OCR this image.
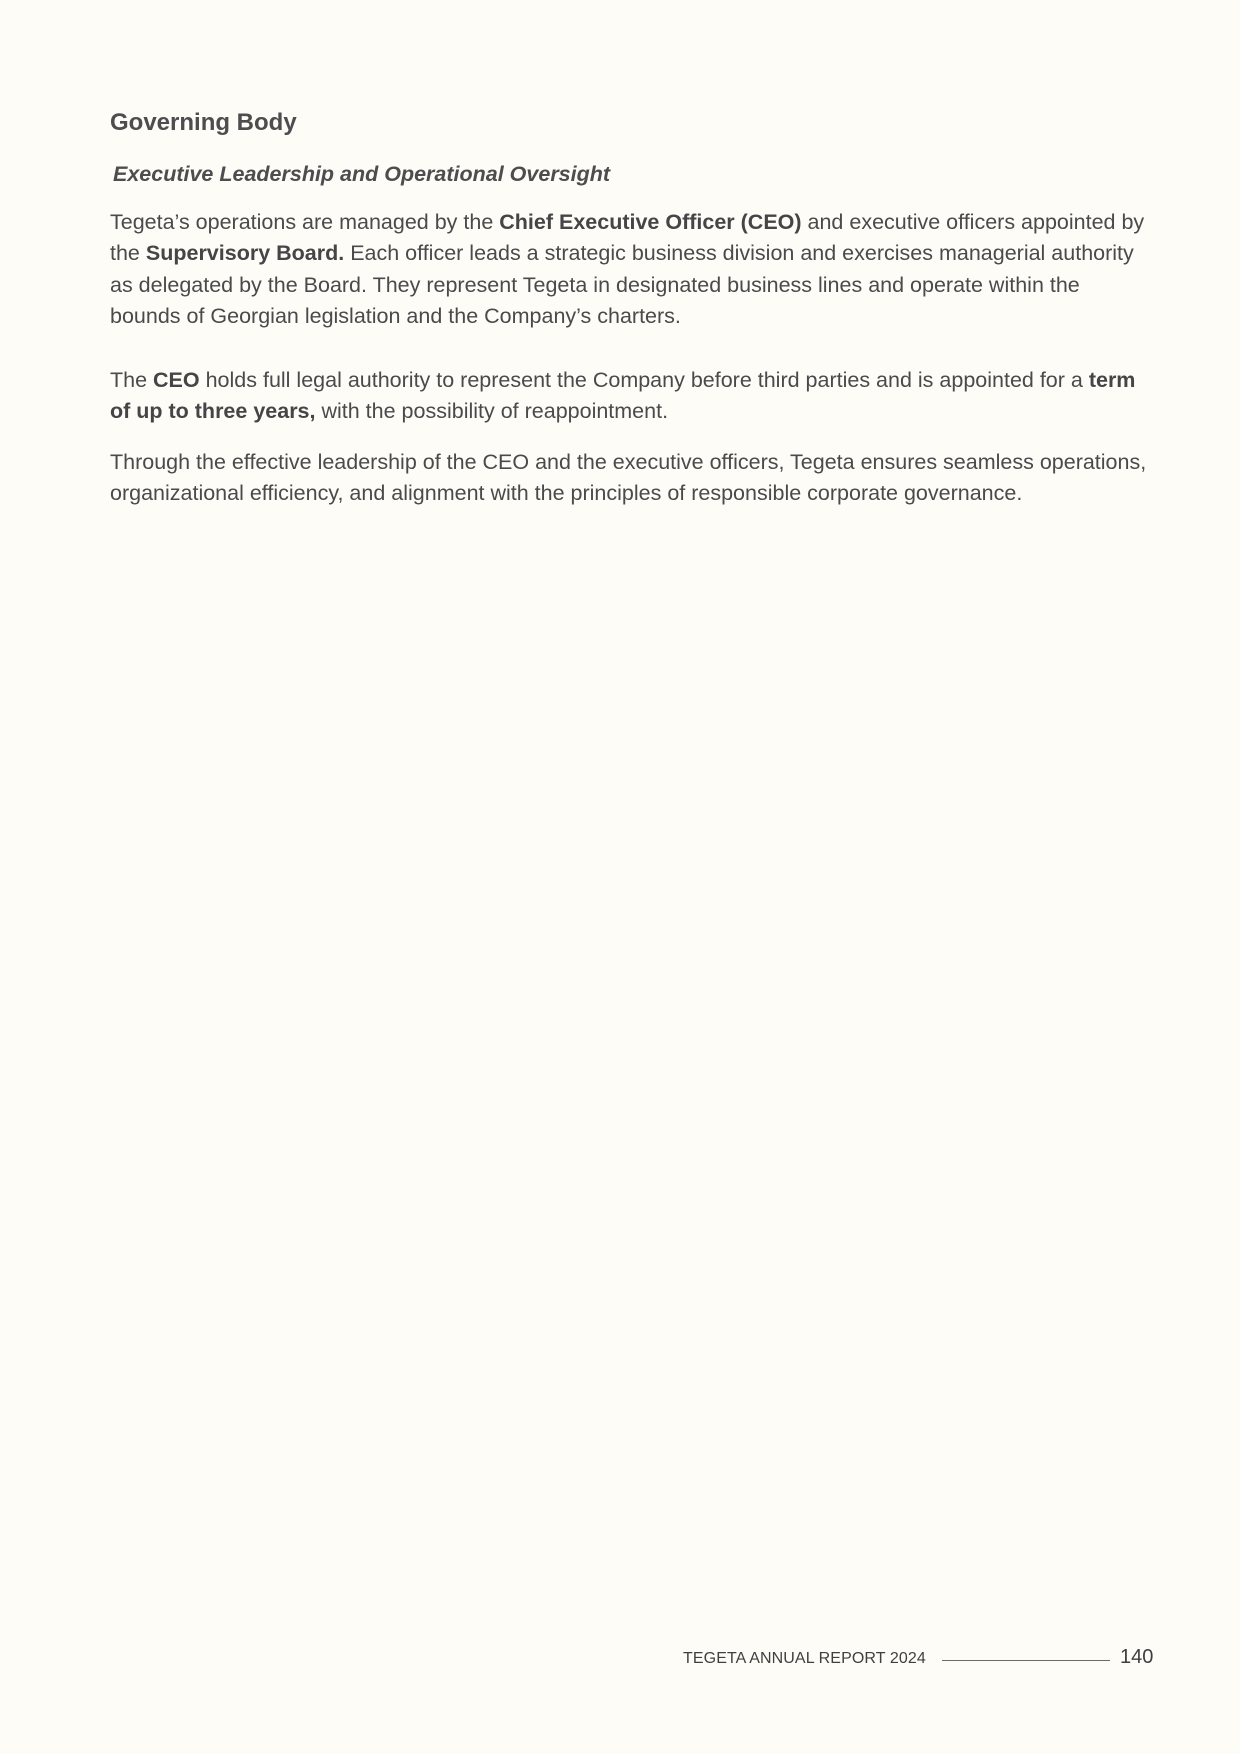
Governing Body
Executive Leadership and Operational Oversight

Tegeta’s operations are managed by the Chief Executive Officer (CEO) and executive officers appointed by the Supervisory Board. Each officer leads a strategic business division and exercises managerial authority as delegated by the Board. They represent Tegeta in designated business lines and operate within the bounds of Georgian legislation and the Company’s charters.

The CEO holds full legal authority to represent the Company before third parties and is appointed for a term of up to three years, with the possibility of reappointment.

Through the effective leadership of the CEO and the executive officers, Tegeta ensures seamless operations, organizational efficiency, and alignment with the principles of responsible corporate governance.

TEGETA ANNUAL REPORT 2024	140
